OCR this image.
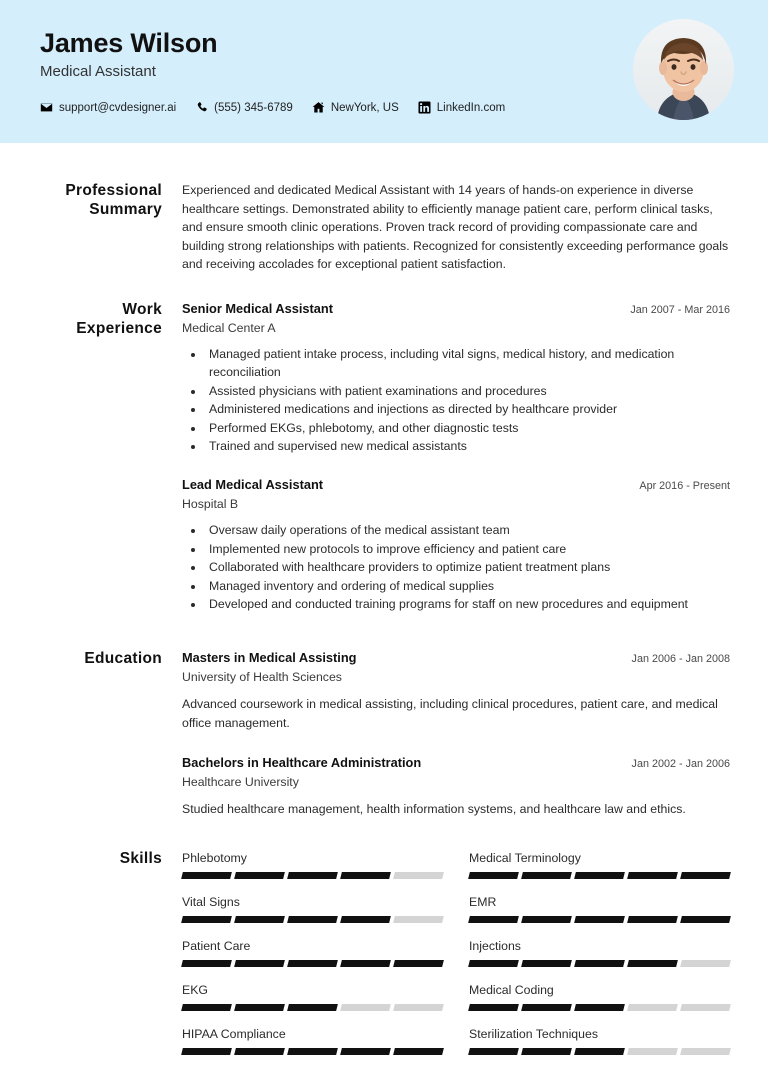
James Wilson
Medical Assistant
support@cvdesigner.ai	(555) 345-6789	NewYork, US	LinkedIn.com
Professional Summary
Experienced and dedicated Medical Assistant with 14 years of hands-on experience in diverse healthcare settings. Demonstrated ability to efficiently manage patient care, perform clinical tasks, and ensure smooth clinic operations. Proven track record of providing compassionate care and building strong relationships with patients. Recognized for consistently exceeding performance goals and receiving accolades for exceptional patient satisfaction.
Work Experience
Senior Medical Assistant	Jan 2007 - Mar 2016
Medical Center A
• Managed patient intake process, including vital signs, medical history, and medication reconciliation
• Assisted physicians with patient examinations and procedures
• Administered medications and injections as directed by healthcare provider
• Performed EKGs, phlebotomy, and other diagnostic tests
• Trained and supervised new medical assistants
Lead Medical Assistant	Apr 2016 - Present
Hospital B
• Oversaw daily operations of the medical assistant team
• Implemented new protocols to improve efficiency and patient care
• Collaborated with healthcare providers to optimize patient treatment plans
• Managed inventory and ordering of medical supplies
• Developed and conducted training programs for staff on new procedures and equipment
Education	Masters in Medical Assisting	Jan 2006 - Jan 2008
University of Health Sciences
Advanced coursework in medical assisting, including clinical procedures, patient care, and medical office management.
Bachelors in Healthcare Administration	Jan 2002 - Jan 2006
Healthcare University
Studied healthcare management, health information systems, and healthcare law and ethics.
Skills	Phlebotomy	Medical Terminology
Vital Signs	EMR
Patient Care	Injections
EKG	Medical Coding
HIPAA Compliance	Sterilization Techniques
